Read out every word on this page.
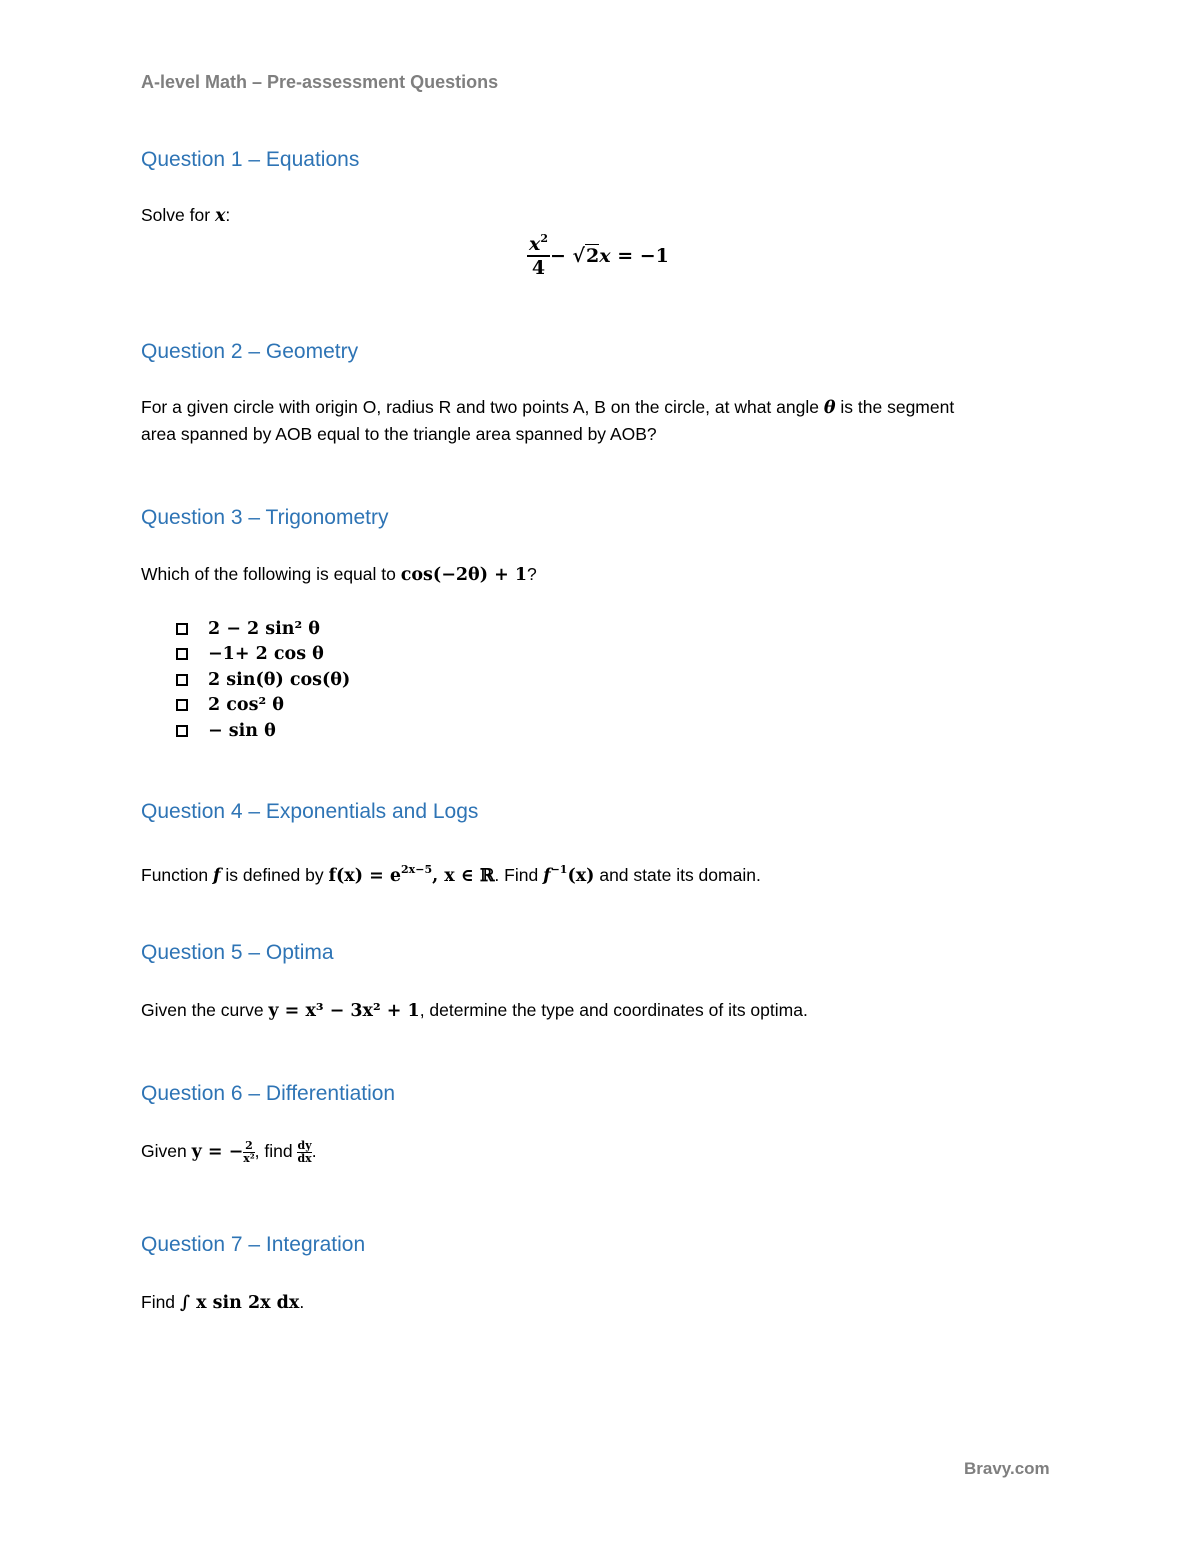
A-level Math – Pre-assessment Questions
Question 1 – Equations
Solve for x:
$\frac{x^2}{4} - √2x = -1$
Question 2 – Geometry
For a given circle with origin O, radius R and two points A, B on the circle, at what angle θ is the segment
area spanned by AOB equal to the triangle area spanned by AOB?
Question 3 – Trigonometry
Which of the following is equal to cos(−2θ) + 1?
2 − 2 sin² θ
−1+ 2 cos θ
2 sin(θ) cos(θ)
2 cos² θ
− sin θ
Question 4 – Exponentials and Logs
Function f is defined by $f(x) = e^{2x-5}$, x ∈ ℝ. Find $f^{-1}(x)$ and state its domain.
Question 5 – Optima
Given the curve y = x³ − 3x² + 1, determine the type and coordinates of its optima.
Question 6 – Differentiation
Given y = − $\frac{2}{\text{x²}}$ , find $\frac{dy}{dx}$ .
Question 7 – Integration
Find ∫ x sin 2x dx.
Bravy.com
